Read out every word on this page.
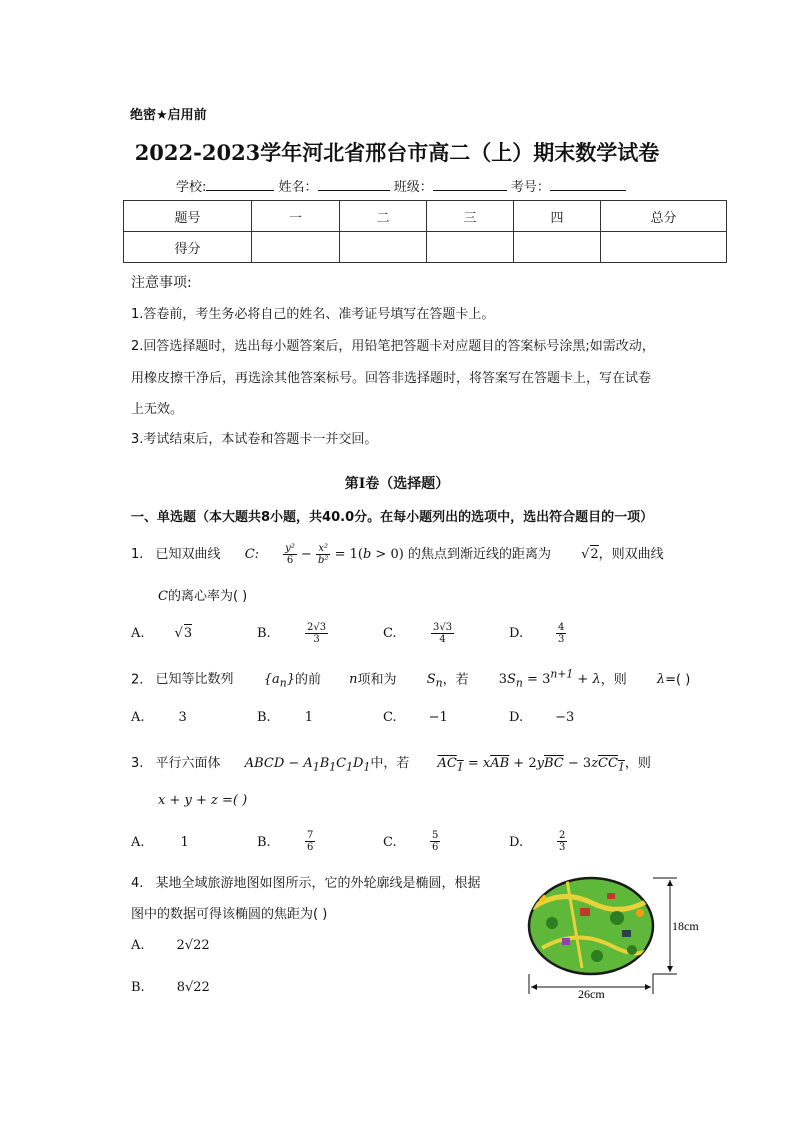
绝密★启用前
2022-2023学年河北省邢台市高二（上）期末数学试卷
学校:	姓名：	班级：	考号：
题号	一	二	三	四	总分
得分					
注意事项:
1.答卷前，考生务必将自己的姓名、准考证号填写在答题卡上。
2.回答选择题时，选出每小题答案后，用铅笔把答题卡对应题目的答案标号涂黑;如需改动，
用橡皮擦干净后，再选涂其他答案标号。回答非选择题时，将答案写在答题卡上，写在试卷
上无效。
3.考试结束后，本试卷和答题卡一并交回。
第I卷（选择题）
一、单选题（本大题共8小题，共40.0分。在每小题列出的选项中，选出符合题目的一项）
1. 已知双曲线 C: $\frac{\text{y²}}{6} - \frac{\text{x²}}{\text{b²}} = 1(b > 0)$ 的焦点到渐近线的距离为 √2，则双曲线
C的离心率为( )
A. √3	B.	$\frac{2√3}{3}$	C.	$\frac{3√3}{4}$	D.	$\frac{4}{3}$
2. 已知等比数列 $\{a_n\}$的前 n项和为 $S_n$，若 $3S_n = 3^{n+1} + \lambda$，则 λ=( )
A.	3	B.	1	C. −1	D. −3
3. 平行六面体 ABCD − $A_1B_1C_1D_1$中，若 $AC_1 = x\overline{AB} + 2y\overline{BC} - 3zCC_1$，则
x + y + z =( )
A.	1	B.	$\frac{7}{6}$	C.	$\frac{5}{6}$	D.	$\frac{2}{3}$
4. 某地全域旅游地图如图所示，它的外轮廓线是椭圆，根据
图中的数据可得该椭圆的焦距为( )
A. 2√22
B. 8√22
18cm
26cm
